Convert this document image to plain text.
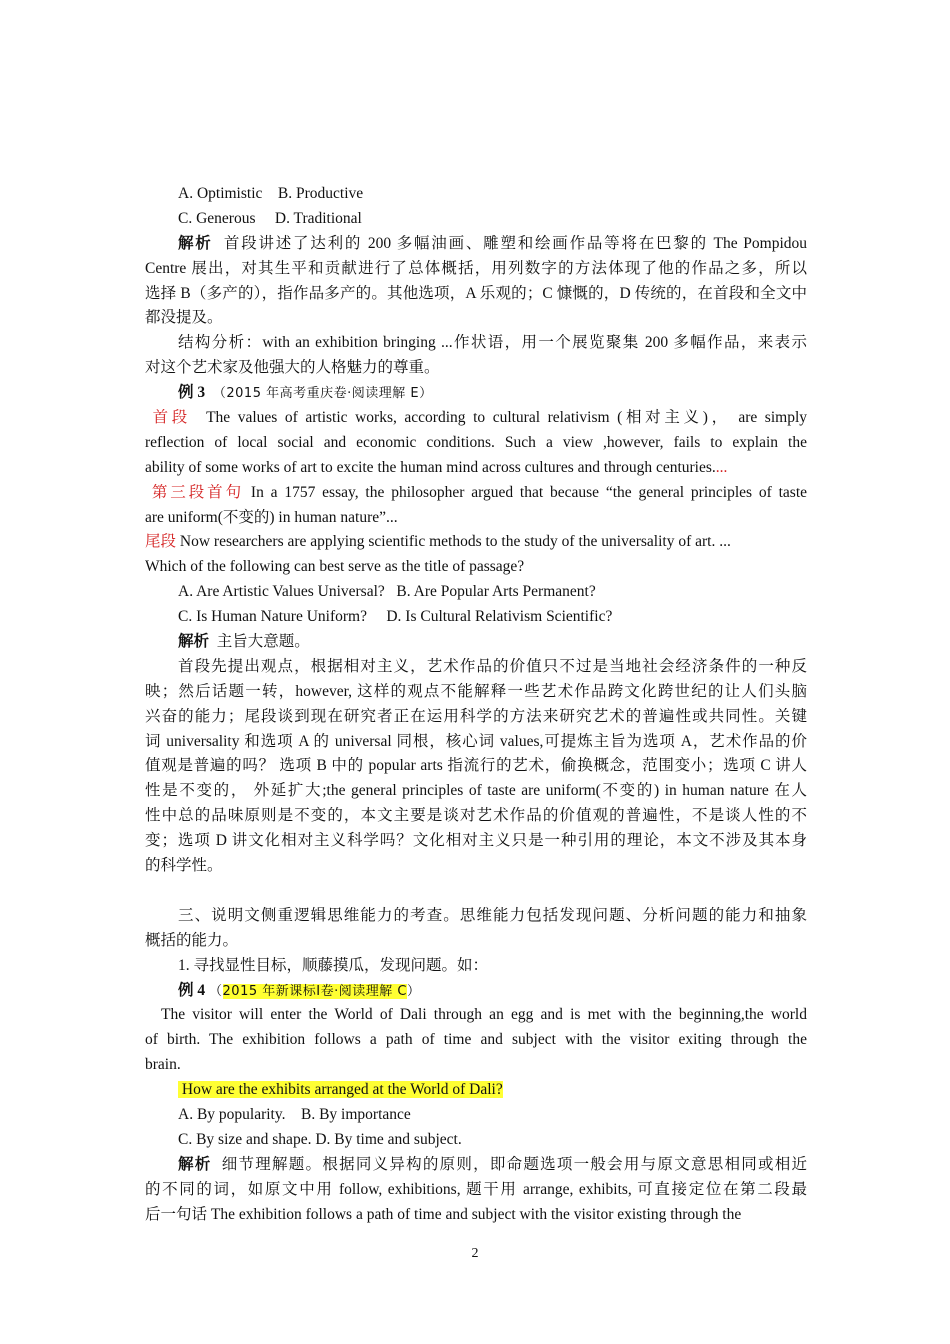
A. Optimistic B. Productive
C. Generous D. Traditional
解析 首段讲述了达利的 200 多幅油画、雕塑和绘画作品等将在巴黎的 The Pompidou
Centre 展出，对其生平和贡献进行了总体概括，用列数字的方法体现了他的作品之多，所以
选择 B（多产的），指作品多产的。其他选项，A 乐观的；C 慷慨的，D 传统的，在首段和全文中
都没提及。
结构分析：with an exhibition bringing ...作状语，用一个展览聚集 200 多幅作品，来表示
对这个艺术家及他强大的人格魅力的尊重。
例 3 （2015 年高考重庆卷·阅读理解 E）
首段 The values of artistic works, according to cultural relativism (相对主义)， are simply
reflection of local social and economic conditions. Such a view ,however, fails to explain the
ability of some works of art to excite the human mind across cultures and through centuries....
第三段首句 In a 1757 essay, the philosopher argued that because “the general principles of taste
are uniform(不变的) in human nature”...
尾段 Now researchers are applying scientific methods to the study of the universality of art. ...
Which of the following can best serve as the title of passage?
A. Are Artistic Values Universal? B. Are Popular Arts Permanent?
C. Is Human Nature Uniform? D. Is Cultural Relativism Scientific?
解析 主旨大意题。
首段先提出观点，根据相对主义，艺术作品的价值只不过是当地社会经济条件的一种反
映；然后话题一转，however, 这样的观点不能解释一些艺术作品跨文化跨世纪的让人们头脑
兴奋的能力；尾段谈到现在研究者正在运用科学的方法来研究艺术的普遍性或共同性。关键
词 universality 和选项 A 的 universal 同根，核心词 values,可提炼主旨为选项 A，艺术作品的价
值观是普遍的吗？ 选项 B 中的 popular arts 指流行的艺术，偷换概念，范围变小；选项 C 讲人
性是不变的， 外延扩大;the general principles of taste are uniform(不变的) in human nature 在人
性中总的品味原则是不变的，本文主要是谈对艺术作品的价值观的普遍性，不是谈人性的不
变；选项 D 讲文化相对主义科学吗？文化相对主义只是一种引用的理论，本文不涉及其本身
的科学性。
三、说明文侧重逻辑思维能力的考查。思维能力包括发现问题、分析问题的能力和抽象
概括的能力。
1. 寻找显性目标，顺藤摸瓜，发现问题。如：
例 4 （2015 年新课标Ⅰ卷·阅读理解 C）
The visitor will enter the World of Dali through an egg and is met with the beginning,the world
of birth. The exhibition follows a path of time and subject with the visitor exiting through the
brain.
How are the exhibits arranged at the World of Dali?
A. By popularity. B. By importance
C. By size and shape. D. By time and subject.
解析 细节理解题。根据同义异构的原则，即命题选项一般会用与原文意思相同或相近
的不同的词，如原文中用 follow, exhibitions, 题干用 arrange, exhibits, 可直接定位在第二段最
后一句话 The exhibition follows a path of time and subject with the visitor existing through the
2
